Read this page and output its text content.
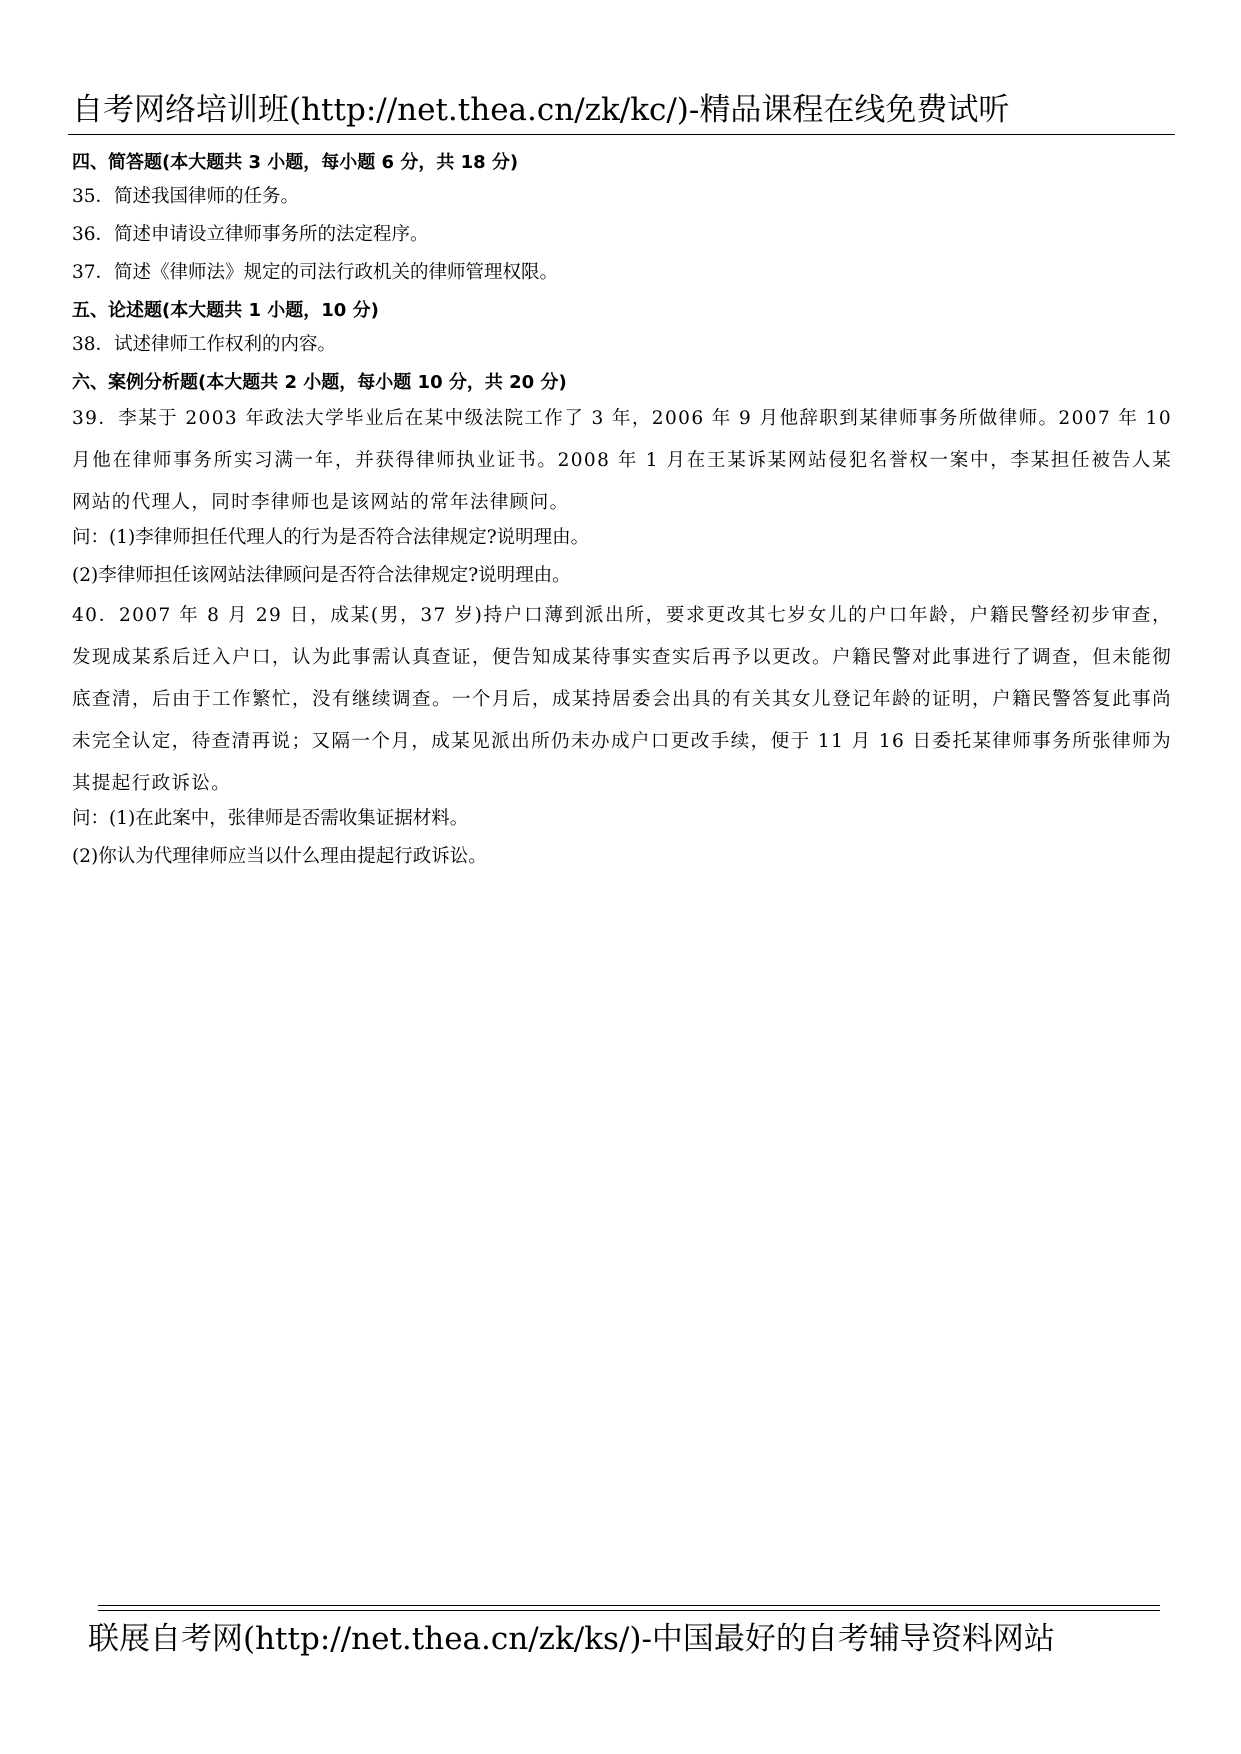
自考网络培训班(http://net.thea.cn/zk/kc/)-精品课程在线免费试听
四、简答题(本大题共 3 小题，每小题 6 分，共 18 分)
35．简述我国律师的任务。
36．简述申请设立律师事务所的法定程序。
37．简述《律师法》规定的司法行政机关的律师管理权限。
五、论述题(本大题共 1 小题，10 分)
38．试述律师工作权利的内容。
六、案例分析题(本大题共 2 小题，每小题 10 分，共 20 分)
39．李某于 2003 年政法大学毕业后在某中级法院工作了 3 年，2006 年 9 月他辞职到某律师事务所做律师。2007 年 10 月他在律师事务所实习满一年，并获得律师执业证书。2008 年 1 月在王某诉某网站侵犯名誉权一案中，李某担任被告人某网站的代理人，同时李律师也是该网站的常年法律顾问。
问：(1)李律师担任代理人的行为是否符合法律规定?说明理由。
(2)李律师担任该网站法律顾问是否符合法律规定?说明理由。
40．2007 年 8 月 29 日，成某(男，37 岁)持户口薄到派出所，要求更改其七岁女儿的户口年龄，户籍民警经初步审查，发现成某系后迁入户口，认为此事需认真查证，便告知成某待事实查实后再予以更改。户籍民警对此事进行了调查，但未能彻底查清，后由于工作繁忙，没有继续调查。一个月后，成某持居委会出具的有关其女儿登记年龄的证明，户籍民警答复此事尚未完全认定，待查清再说；又隔一个月，成某见派出所仍未办成户口更改手续，便于 11 月 16 日委托某律师事务所张律师为其提起行政诉讼。
问：(1)在此案中，张律师是否需收集证据材料。
(2)你认为代理律师应当以什么理由提起行政诉讼。
联展自考网(http://net.thea.cn/zk/ks/)-中国最好的自考辅导资料网站
